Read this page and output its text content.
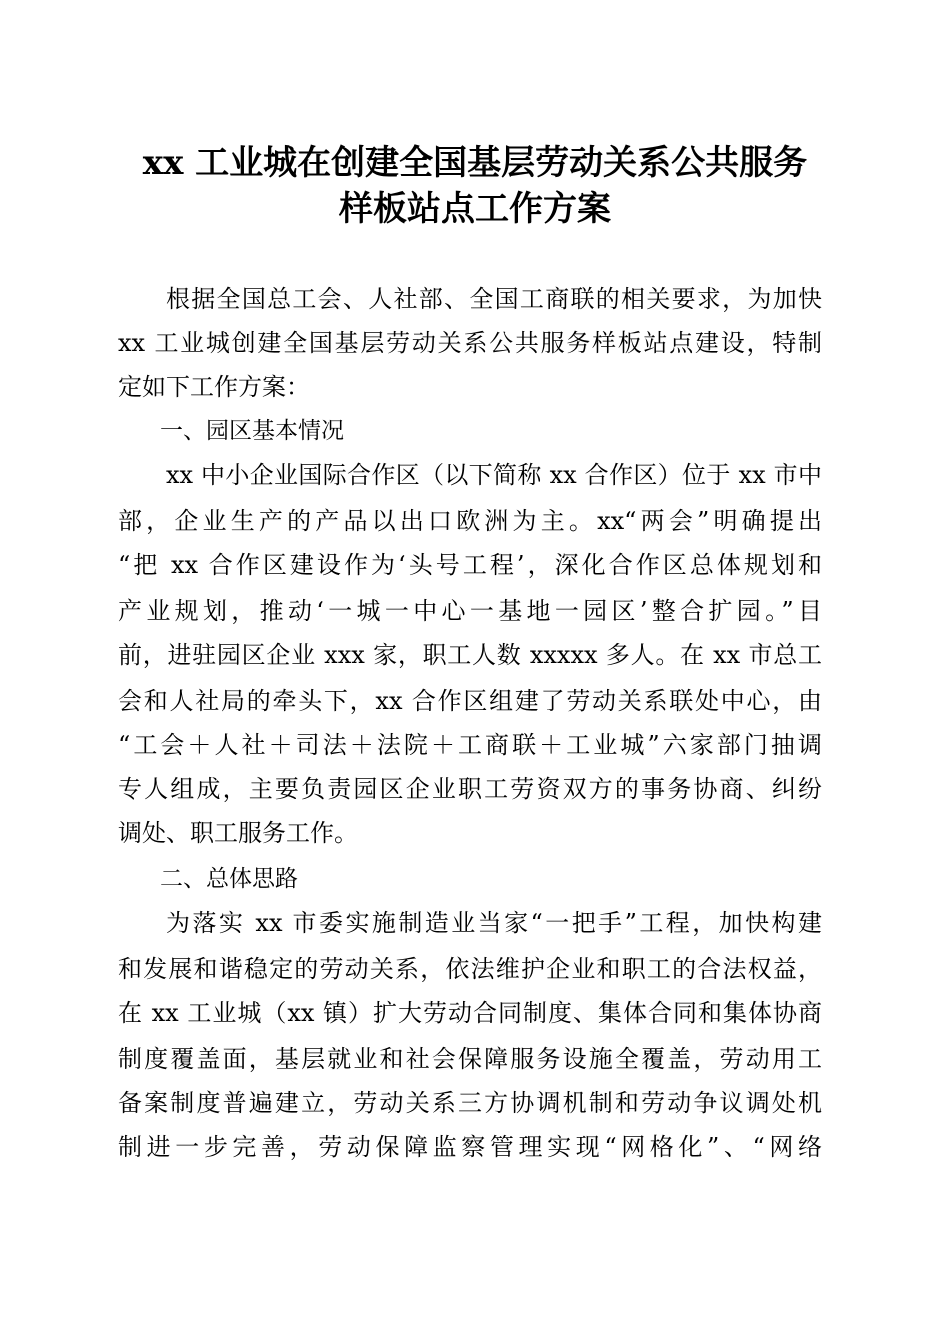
xx 工业城在创建全国基层劳动关系公共服务
样板站点工作方案
根据全国总工会、人社部、全国工商联的相关要求，为加快
xx 工业城创建全国基层劳动关系公共服务样板站点建设，特制
定如下工作方案：
一、园区基本情况
xx 中小企业国际合作区（以下简称 xx 合作区）位于 xx 市中
部，企业生产的产品以出口欧洲为主。xx“两会”明确提出
“把 xx 合作区建设作为‘头号工程’，深化合作区总体规划和
产业规划，推动‘一城一中心一基地一园区’整合扩园。”目
前，进驻园区企业 xxx 家，职工人数 xxxxx 多人。在 xx 市总工
会和人社局的牵头下，xx 合作区组建了劳动关系联处中心，由
“工会＋人社＋司法＋法院＋工商联＋工业城”六家部门抽调
专人组成，主要负责园区企业职工劳资双方的事务协商、纠纷
调处、职工服务工作。
二、总体思路
为落实 xx 市委实施制造业当家“一把手”工程，加快构建
和发展和谐稳定的劳动关系，依法维护企业和职工的合法权益，
在 xx 工业城（xx 镇）扩大劳动合同制度、集体合同和集体协商
制度覆盖面，基层就业和社会保障服务设施全覆盖，劳动用工
备案制度普遍建立，劳动关系三方协调机制和劳动争议调处机
制进一步完善，劳动保障监察管理实现“网格化”、“网络
